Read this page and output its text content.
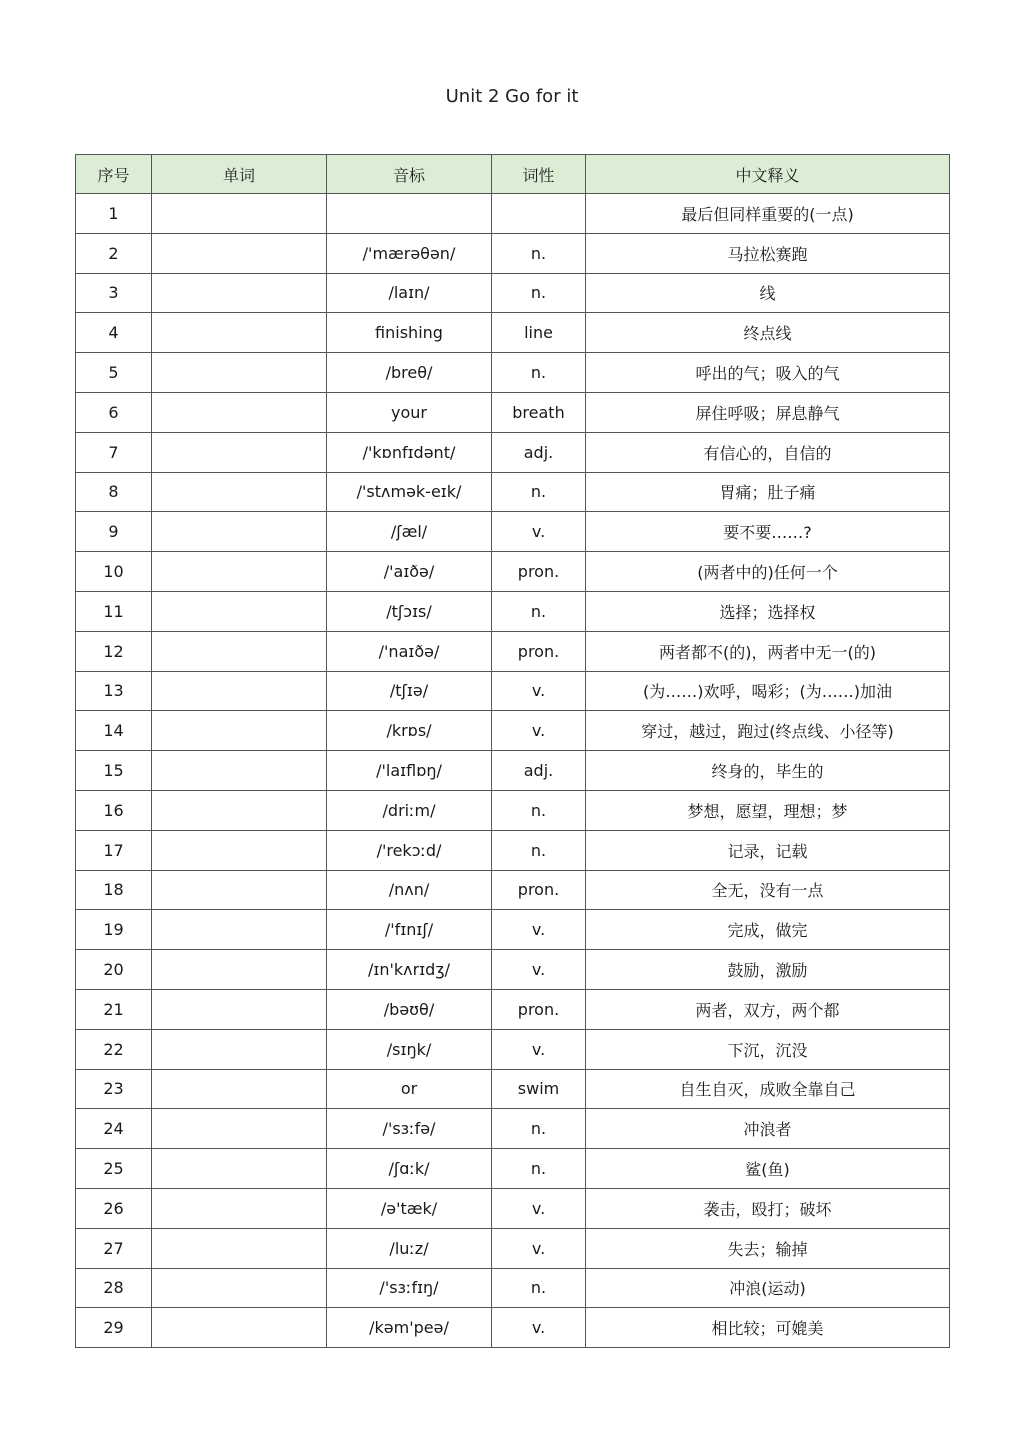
Unit 2 Go for it
序号	单词	音标	词性	中文释义
1				最后但同样重要的(一点)
2		/'mærəθən/	n.	马拉松赛跑
3		/laɪn/	n.	线
4		finishing	line	终点线
5		/breθ/	n.	呼出的气；吸入的气
6		your	breath	屏住呼吸；屏息静气
7		/'kɒnfɪdənt/	adj.	有信心的，自信的
8		/'stʌmək-eɪk/	n.	胃痛；肚子痛
9		/ʃæl/	v.	要不要……?
10		/'aɪðə/	pron.	(两者中的)任何一个
11		/tʃɔɪs/	n.	选择；选择权
12		/'naɪðə/	pron.	两者都不(的)，两者中无一(的)
13		/tʃɪə/	v.	(为……)欢呼，喝彩；(为……)加油
14		/krɒs/	v.	穿过，越过，跑过(终点线、小径等)
15		/'laɪflɒŋ/	adj.	终身的，毕生的
16		/driːm/	n.	梦想，愿望，理想；梦
17		/'rekɔːd/	n.	记录，记载
18		/nʌn/	pron.	全无，没有一点
19		/'fɪnɪʃ/	v.	完成，做完
20		/ɪn'kʌrɪdʒ/	v.	鼓励，激励
21		/bəʊθ/	pron.	两者，双方，两个都
22		/sɪŋk/	v.	下沉，沉没
23		or	swim	自生自灭，成败全靠自己
24		/'sɜːfə/	n.	冲浪者
25		/ʃɑːk/	n.	鲨(鱼)
26		/ə'tæk/	v.	袭击，殴打；破坏
27		/luːz/	v.	失去；输掉
28		/'sɜːfɪŋ/	n.	冲浪(运动)
29		/kəm'peə/	v.	相比较；可媲美
